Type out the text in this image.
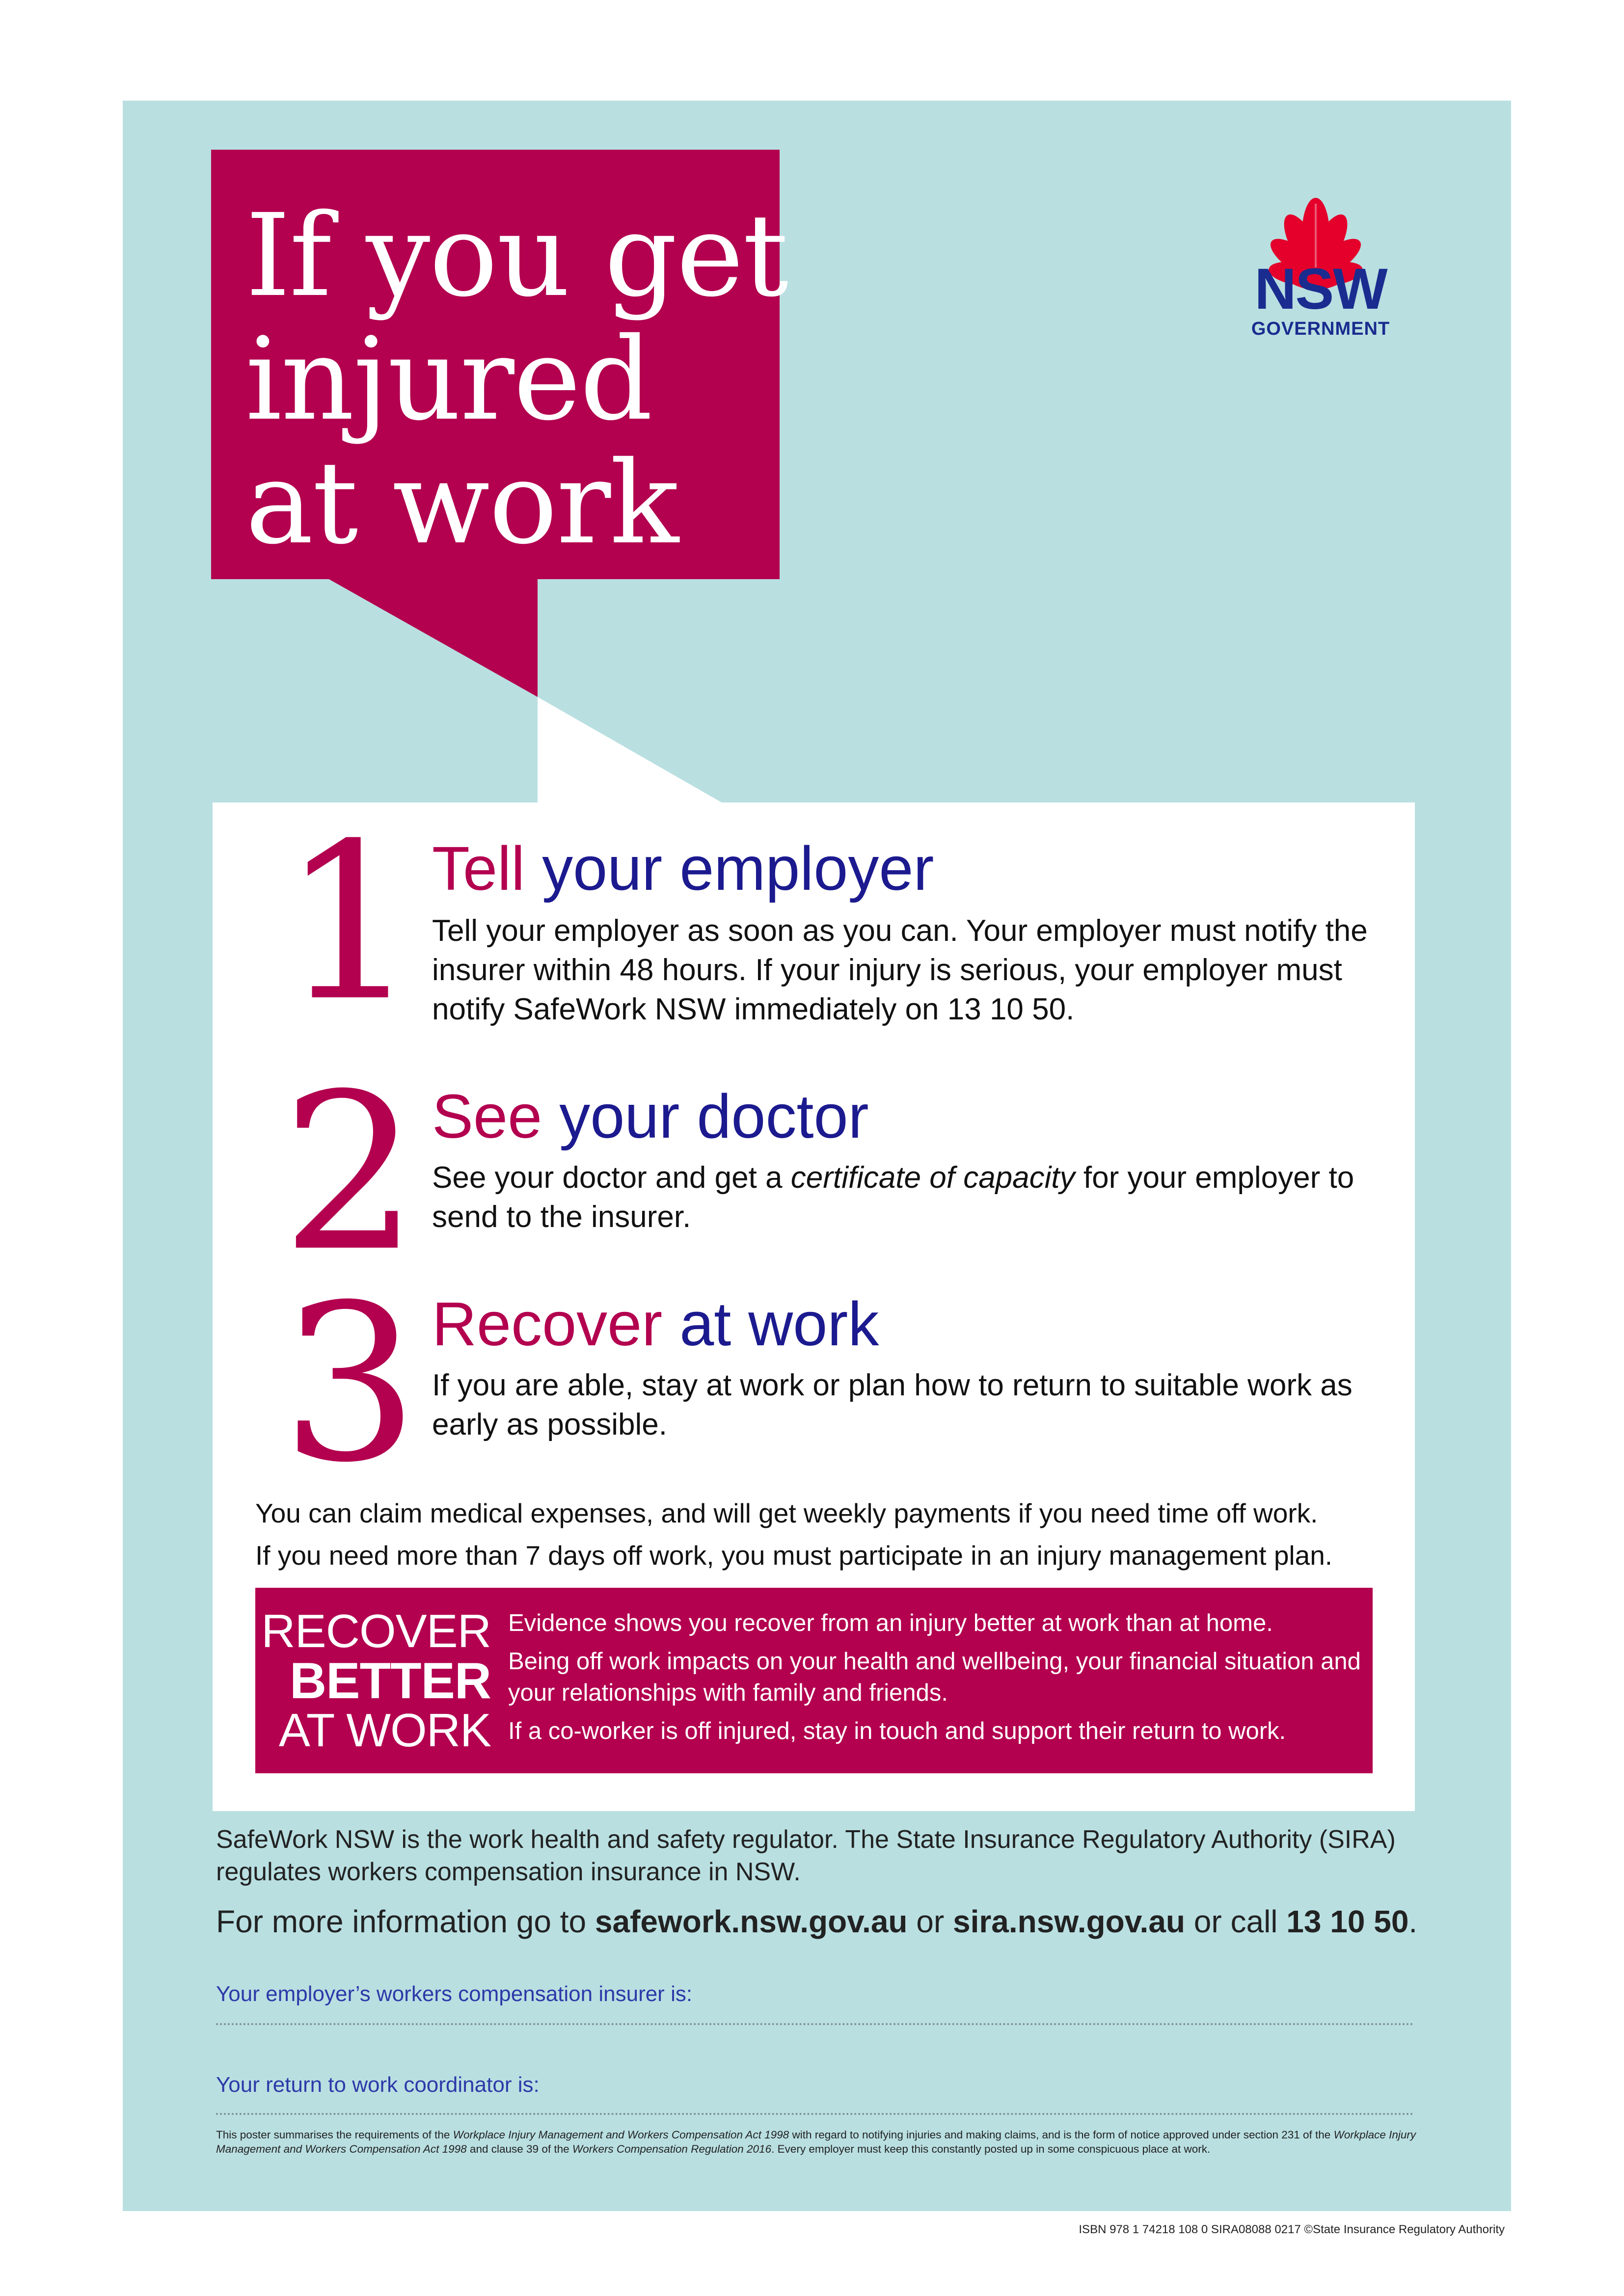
If you get
injured
at work
NSW
GOVERNMENT
1 Tell your employer
Tell your employer as soon as you can. Your employer must notify the insurer within 48 hours. If your injury is serious, your employer must notify SafeWork NSW immediately on 13 10 50.
2 See your doctor
See your doctor and get a certificate of capacity for your employer to send to the insurer.
3 Recover at work
If you are able, stay at work or plan how to return to suitable work as early as possible.
You can claim medical expenses, and will get weekly payments if you need time off work.
If you need more than 7 days off work, you must participate in an injury management plan.
RECOVER
BETTER
AT WORK

Evidence shows you recover from an injury better at work than at home.

Being off work impacts on your health and wellbeing, your financial situation and your relationships with family and friends.

If a co-worker is off injured, stay in touch and support their return to work.

SafeWork NSW is the work health and safety regulator. The State Insurance Regulatory Authority (SIRA) regulates workers compensation insurance in NSW.
For more information go to safework.nsw.gov.au or sira.nsw.gov.au or call 13 10 50.
Your employer’s workers compensation insurer is:
Your return to work coordinator is:
This poster summarises the requirements of the Workplace Injury Management and Workers Compensation Act 1998 with regard to notifying injuries and making claims, and is the form of notice approved under section 231 of the Workplace Injury Management and Workers Compensation Act 1998 and clause 39 of the Workers Compensation Regulation 2016. Every employer must keep this constantly posted up in some conspicuous place at work.
ISBN 978 1 74218 108 0 SIRA08088 0217 ©State Insurance Regulatory Authority
